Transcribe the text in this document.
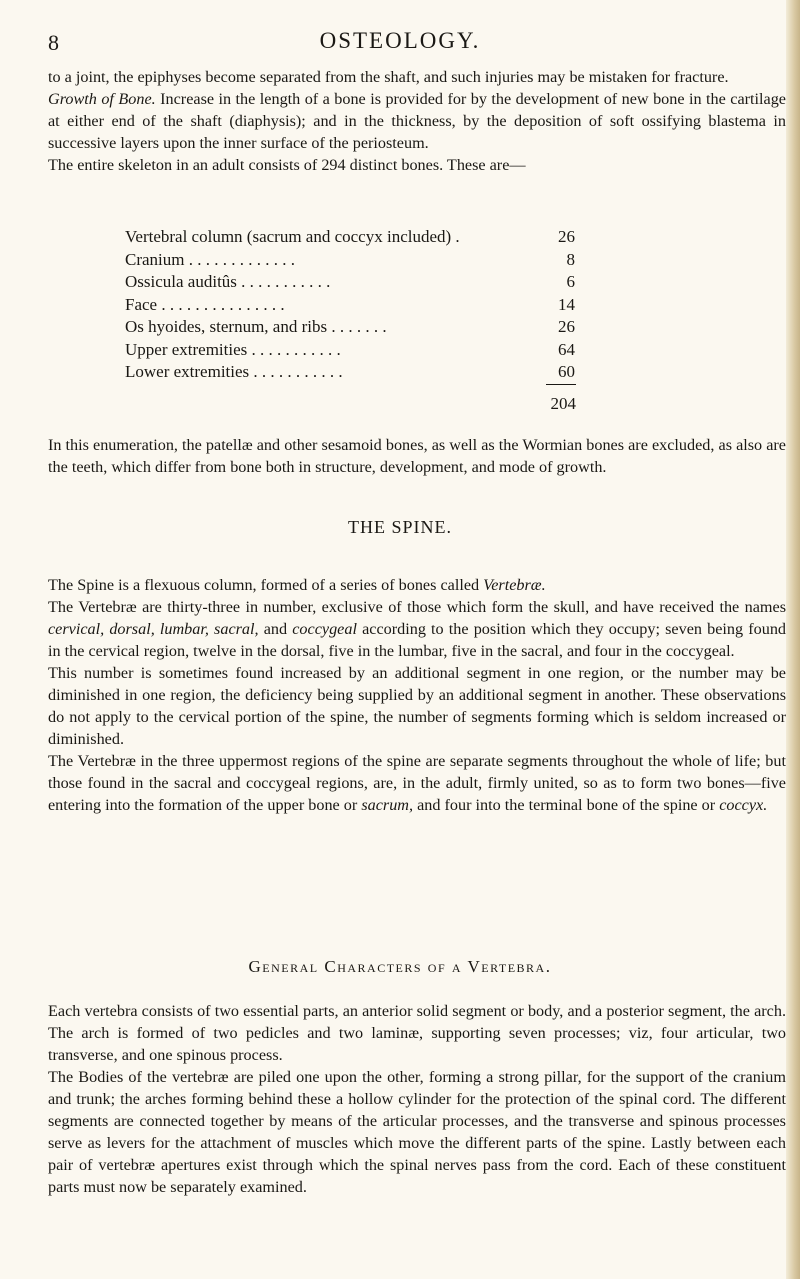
8	OSTEOLOGY.

to a joint, the epiphyses become separated from the shaft, and such injuries may be mistaken for fracture.

Growth of Bone. Increase in the length of a bone is provided for by the development of new bone in the cartilage at either end of the shaft (diaphysis); and in the thickness, by the deposition of soft ossifying blastema in successive layers upon the inner surface of the periosteum.

The entire skeleton in an adult consists of 294 distinct bones. These are—

Vertebral column (sacrum and coccyx included) .	26
Cranium . . . . . . . . . . . . .	8
Ossicula auditûs . . . . . . . . . . .	6
Face . . . . . . . . . . . . . . .	14
Os hyoides, sternum, and ribs . . . . . . .	26
Upper extremities . . . . . . . . . . .	64
Lower extremities . . . . . . . . . . .	60
204

In this enumeration, the patellæ and other sesamoid bones, as well as the Wormian bones are excluded, as also are the teeth, which differ from bone both in structure, development, and mode of growth.

THE SPINE.

The Spine is a flexuous column, formed of a series of bones called Vertebræ.

The Vertebræ are thirty-three in number, exclusive of those which form the skull, and have received the names cervical, dorsal, lumbar, sacral, and coccygeal according to the position which they occupy; seven being found in the cervical region, twelve in the dorsal, five in the lumbar, five in the sacral, and four in the coccygeal.

This number is sometimes found increased by an additional segment in one region, or the number may be diminished in one region, the deficiency being supplied by an additional segment in another. These observations do not apply to the cervical portion of the spine, the number of segments forming which is seldom increased or diminished.

The Vertebræ in the three uppermost regions of the spine are separate segments throughout the whole of life; but those found in the sacral and coccygeal regions, are, in the adult, firmly united, so as to form two bones—five entering into the formation of the upper bone or sacrum, and four into the terminal bone of the spine or coccyx.

General Characters of a Vertebra.

Each vertebra consists of two essential parts, an anterior solid segment or body, and a posterior segment, the arch. The arch is formed of two pedicles and two laminæ, supporting seven processes; viz, four articular, two transverse, and one spinous process.

The Bodies of the vertebræ are piled one upon the other, forming a strong pillar, for the support of the cranium and trunk; the arches forming behind these a hollow cylinder for the protection of the spinal cord. The different segments are connected together by means of the articular processes, and the transverse and spinous processes serve as levers for the attachment of muscles which move the different parts of the spine. Lastly between each pair of vertebræ apertures exist through which the spinal nerves pass from the cord. Each of these constituent parts must now be separately examined.
